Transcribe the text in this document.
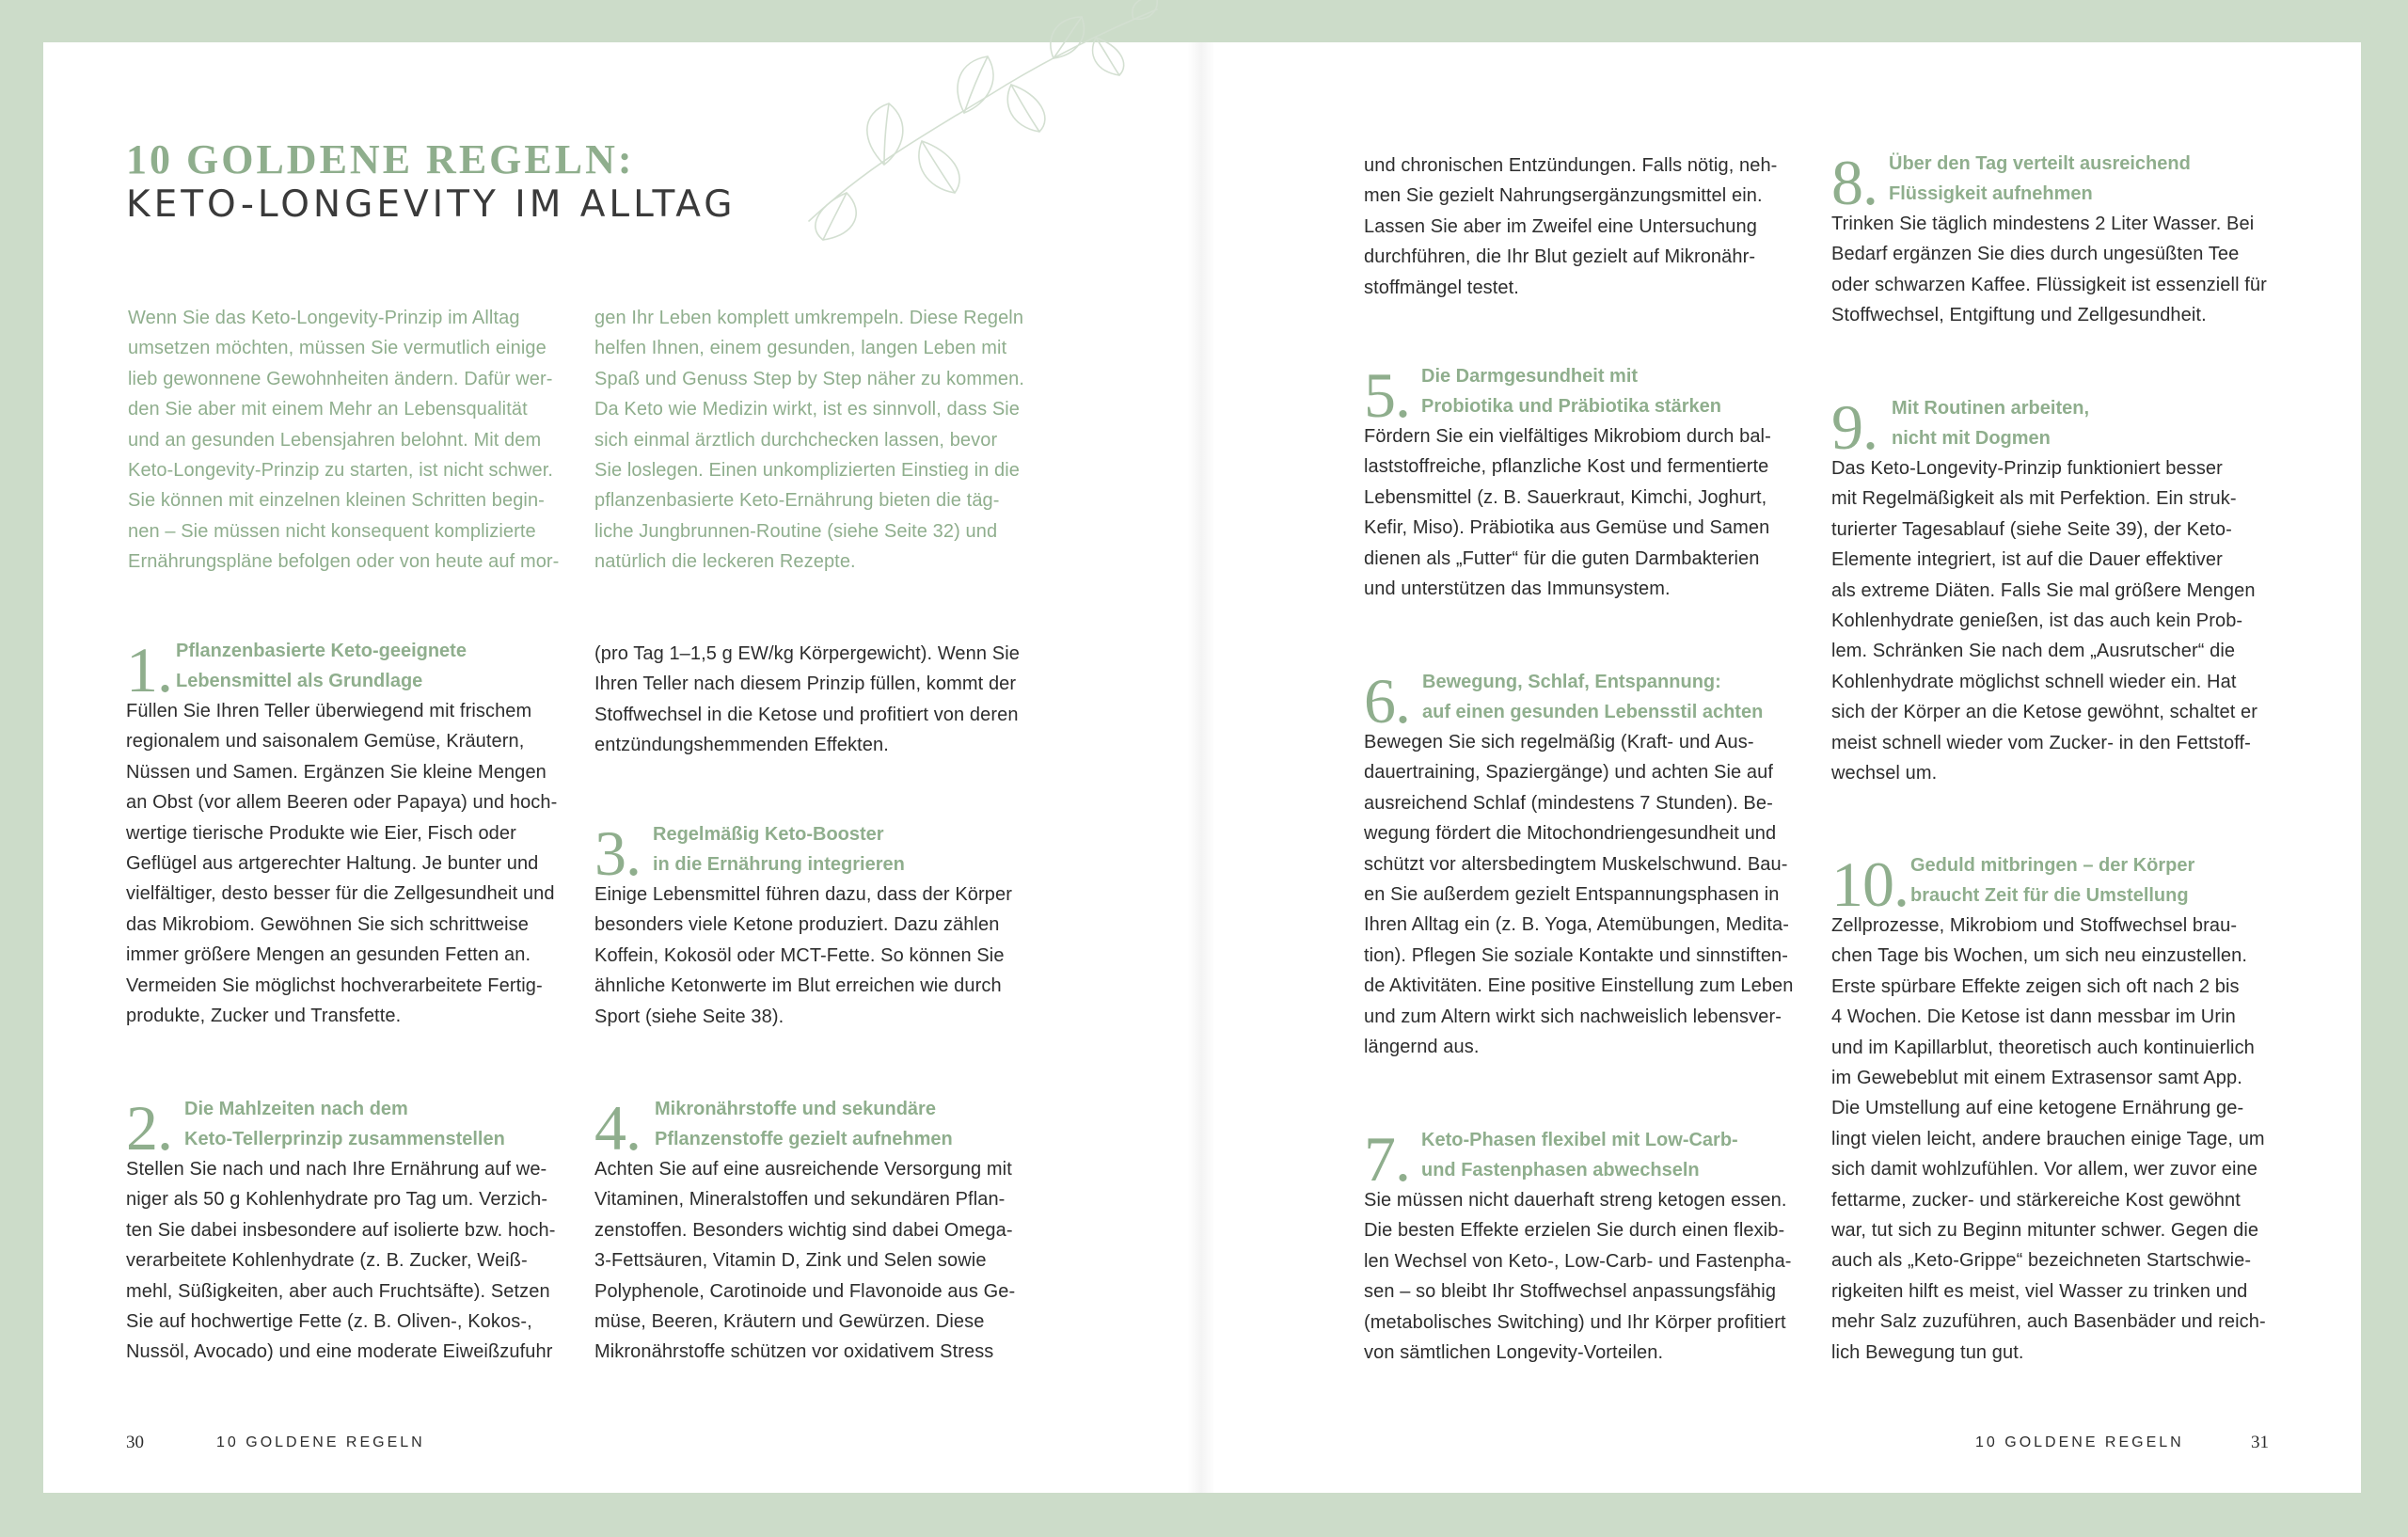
10 GOLDENE REGELN:
KETO-LONGEVITY IM ALLTAG

Wenn Sie das Keto-Longevity-Prinzip im Alltag

umsetzen möchten, müssen Sie vermutlich einige

lieb gewonnene Gewohnheiten ändern. Dafür wer-

den Sie aber mit einem Mehr an Lebensqualität

und an gesunden Lebensjahren belohnt. Mit dem

Keto-Longevity-Prinzip zu starten, ist nicht schwer.

Sie können mit einzelnen kleinen Schritten begin-

nen – Sie müssen nicht konsequent komplizierte

Ernährungspläne befolgen oder von heute auf mor-

gen Ihr Leben komplett umkrempeln. Diese Regeln

helfen Ihnen, einem gesunden, langen Leben mit

Spaß und Genuss Step by Step näher zu kommen.

Da Keto wie Medizin wirkt, ist es sinnvoll, dass Sie

sich einmal ärztlich durchchecken lassen, bevor

Sie loslegen. Einen unkomplizierten Einstieg in die

pflanzenbasierte Keto-Ernährung bieten die täg-

liche Jungbrunnen-Routine (siehe Seite 32) und

natürlich die leckeren Rezepte.

1. Pflanzenbasierte Keto-geeignete
Lebensmittel als Grundlage

Füllen Sie Ihren Teller überwiegend mit frischem

regionalem und saisonalem Gemüse, Kräutern,

Nüssen und Samen. Ergänzen Sie kleine Mengen

an Obst (vor allem Beeren oder Papaya) und hoch-

wertige tierische Produkte wie Eier, Fisch oder

Geflügel aus artgerechter Haltung. Je bunter und

vielfältiger, desto besser für die Zellgesundheit und

das Mikrobiom. Gewöhnen Sie sich schrittweise

immer größere Mengen an gesunden Fetten an.

Vermeiden Sie möglichst hochverarbeitete Fertig-

produkte, Zucker und Transfette.

(pro Tag 1–1,5 g EW/kg Körpergewicht). Wenn Sie

Ihren Teller nach diesem Prinzip füllen, kommt der

Stoffwechsel in die Ketose und profitiert von deren

entzündungshemmenden Effekten.

2. Die Mahlzeiten nach dem
Keto-Tellerprinzip zusammenstellen

Stellen Sie nach und nach Ihre Ernährung auf we-

niger als 50 g Kohlenhydrate pro Tag um. Verzich-

ten Sie dabei insbesondere auf isolierte bzw. hoch-

verarbeitete Kohlenhydrate (z. B. Zucker, Weiß-

mehl, Süßigkeiten, aber auch Fruchtsäfte). Setzen

Sie auf hochwertige Fette (z. B. Oliven-, Kokos-,

Nussöl, Avocado) und eine moderate Eiweißzufuhr

3. Regelmäßig Keto-Booster
in die Ernährung integrieren

Einige Lebensmittel führen dazu, dass der Körper

besonders viele Ketone produziert. Dazu zählen

Koffein, Kokosöl oder MCT-Fette. So können Sie

ähnliche Ketonwerte im Blut erreichen wie durch

Sport (siehe Seite 38).

4. Mikronährstoffe und sekundäre
Pflanzenstoffe gezielt aufnehmen

Achten Sie auf eine ausreichende Versorgung mit

Vitaminen, Mineralstoffen und sekundären Pflan-

zenstoffen. Besonders wichtig sind dabei Omega-

3-Fettsäuren, Vitamin D, Zink und Selen sowie

Polyphenole, Carotinoide und Flavonoide aus Ge-

müse, Beeren, Kräutern und Gewürzen. Diese

Mikronährstoffe schützen vor oxidativem Stress

und chronischen Entzündungen. Falls nötig, neh-

men Sie gezielt Nahrungsergänzungsmittel ein.

Lassen Sie aber im Zweifel eine Untersuchung

durchführen, die Ihr Blut gezielt auf Mikronähr-

stoffmängel testet.

5. Die Darmgesundheit mit
Probiotika und Präbiotika stärken

Fördern Sie ein vielfältiges Mikrobiom durch bal-

laststoffreiche, pflanzliche Kost und fermentierte

Lebensmittel (z. B. Sauerkraut, Kimchi, Joghurt,

Kefir, Miso). Präbiotika aus Gemüse und Samen

dienen als „Futter“ für die guten Darmbakterien

und unterstützen das Immunsystem.

6. Bewegung, Schlaf, Entspannung:
auf einen gesunden Lebensstil achten

Bewegen Sie sich regelmäßig (Kraft- und Aus-

dauertraining, Spaziergänge) und achten Sie auf

ausreichend Schlaf (mindestens 7 Stunden). Be-

wegung fördert die Mitochondriengesundheit und

schützt vor altersbedingtem Muskelschwund. Bau-

en Sie außerdem gezielt Entspannungsphasen in

Ihren Alltag ein (z. B. Yoga, Atemübungen, Medita-

tion). Pflegen Sie soziale Kontakte und sinnstiften-

de Aktivitäten. Eine positive Einstellung zum Leben

und zum Altern wirkt sich nachweislich lebensver-

längernd aus.

7. Keto-Phasen flexibel mit Low-Carb-
und Fastenphasen abwechseln

Sie müssen nicht dauerhaft streng ketogen essen.

Die besten Effekte erzielen Sie durch einen flexib-

len Wechsel von Keto-, Low-Carb- und Fastenpha-

sen – so bleibt Ihr Stoffwechsel anpassungsfähig

(metabolisches Switching) und Ihr Körper profitiert

von sämtlichen Longevity-Vorteilen.

8. Über den Tag verteilt ausreichend
Flüssigkeit aufnehmen

Trinken Sie täglich mindestens 2 Liter Wasser. Bei

Bedarf ergänzen Sie dies durch ungesüßten Tee

oder schwarzen Kaffee. Flüssigkeit ist essenziell für

Stoffwechsel, Entgiftung und Zellgesundheit.

9. Mit Routinen arbeiten,
nicht mit Dogmen

Das Keto-Longevity-Prinzip funktioniert besser

mit Regelmäßigkeit als mit Perfektion. Ein struk-

turierter Tagesablauf (siehe Seite 39), der Keto-

Elemente integriert, ist auf die Dauer effektiver

als extreme Diäten. Falls Sie mal größere Mengen

Kohlenhydrate genießen, ist das auch kein Prob-

lem. Schränken Sie nach dem „Ausrutscher“ die

Kohlenhydrate möglichst schnell wieder ein. Hat

sich der Körper an die Ketose gewöhnt, schaltet er

meist schnell wieder vom Zucker- in den Fettstoff-

wechsel um.

10. Geduld mitbringen – der Körper
braucht Zeit für die Umstellung

Zellprozesse, Mikrobiom und Stoffwechsel brau-

chen Tage bis Wochen, um sich neu einzustellen.

Erste spürbare Effekte zeigen sich oft nach 2 bis

4 Wochen. Die Ketose ist dann messbar im Urin

und im Kapillarblut, theoretisch auch kontinuierlich

im Gewebeblut mit einem Extrasensor samt App.

Die Umstellung auf eine ketogene Ernährung ge-

lingt vielen leicht, andere brauchen einige Tage, um

sich damit wohlzufühlen. Vor allem, wer zuvor eine

fettarme, zucker- und stärkereiche Kost gewöhnt

war, tut sich zu Beginn mitunter schwer. Gegen die

auch als „Keto-Grippe“ bezeichneten Startschwie-

rigkeiten hilft es meist, viel Wasser zu trinken und

mehr Salz zuzuführen, auch Basenbäder und reich-

lich Bewegung tun gut.

30	10 GOLDENE REGELN	10 GOLDENE REGELN	31
